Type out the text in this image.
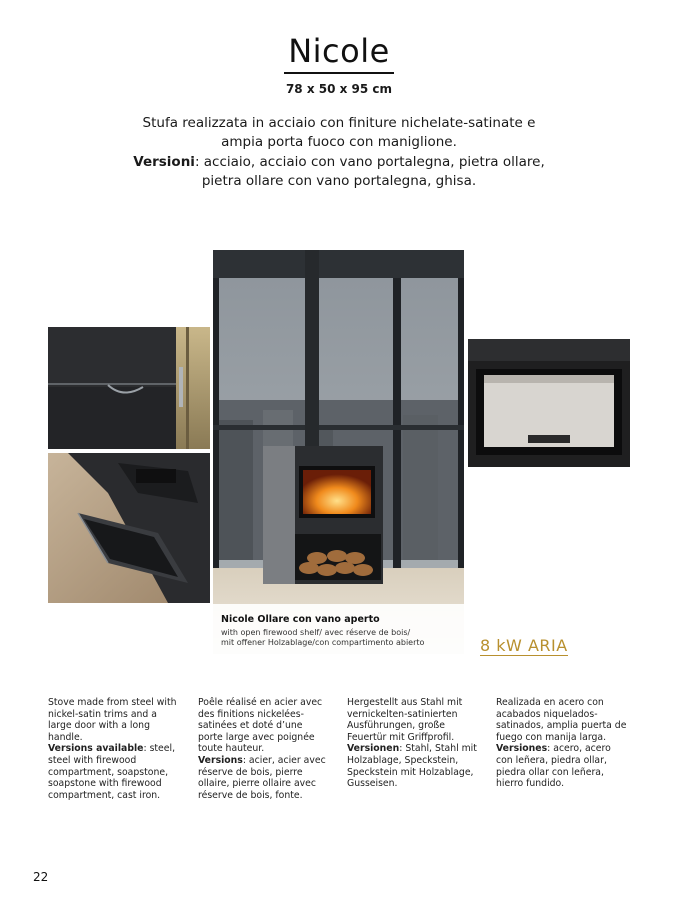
Nicole
78 x 50 x 95 cm
Stufa realizzata in acciaio con finiture nichelate-satinate e ampia porta fuoco con maniglione.
Versioni: acciaio, acciaio con vano portalegna, pietra ollare, pietra ollare con vano portalegna, ghisa.
Nicole Ollare con vano aperto
with open firewood shelf/ avec réserve de bois/
mit offener Holzablage/con compartimento abierto	8 kW ARIA
Stove made from steel with nickel-satin trims and a large door with a long handle.
Versions available: steel, steel with firewood compartment, soapstone, soapstone with firewood compartment, cast iron.
Poêle réalisé en acier avec des finitions nickelées-satinées et doté d’une porte large avec poignée toute hauteur.
Versions: acier, acier avec réserve de bois, pierre ollaire, pierre ollaire avec réserve de bois, fonte.
Hergestellt aus Stahl mit vernickelten-satinierten Ausführungen, große Feuertür mit Griffprofil.
Versionen: Stahl, Stahl mit Holzablage, Speckstein, Speckstein mit Holzablage, Gusseisen.
Realizada en acero con acabados niquelados-satinados, amplia puerta de fuego con manija larga.
Versiones: acero, acero con leñera, piedra ollar, piedra ollar con leñera, hierro fundido.
22
